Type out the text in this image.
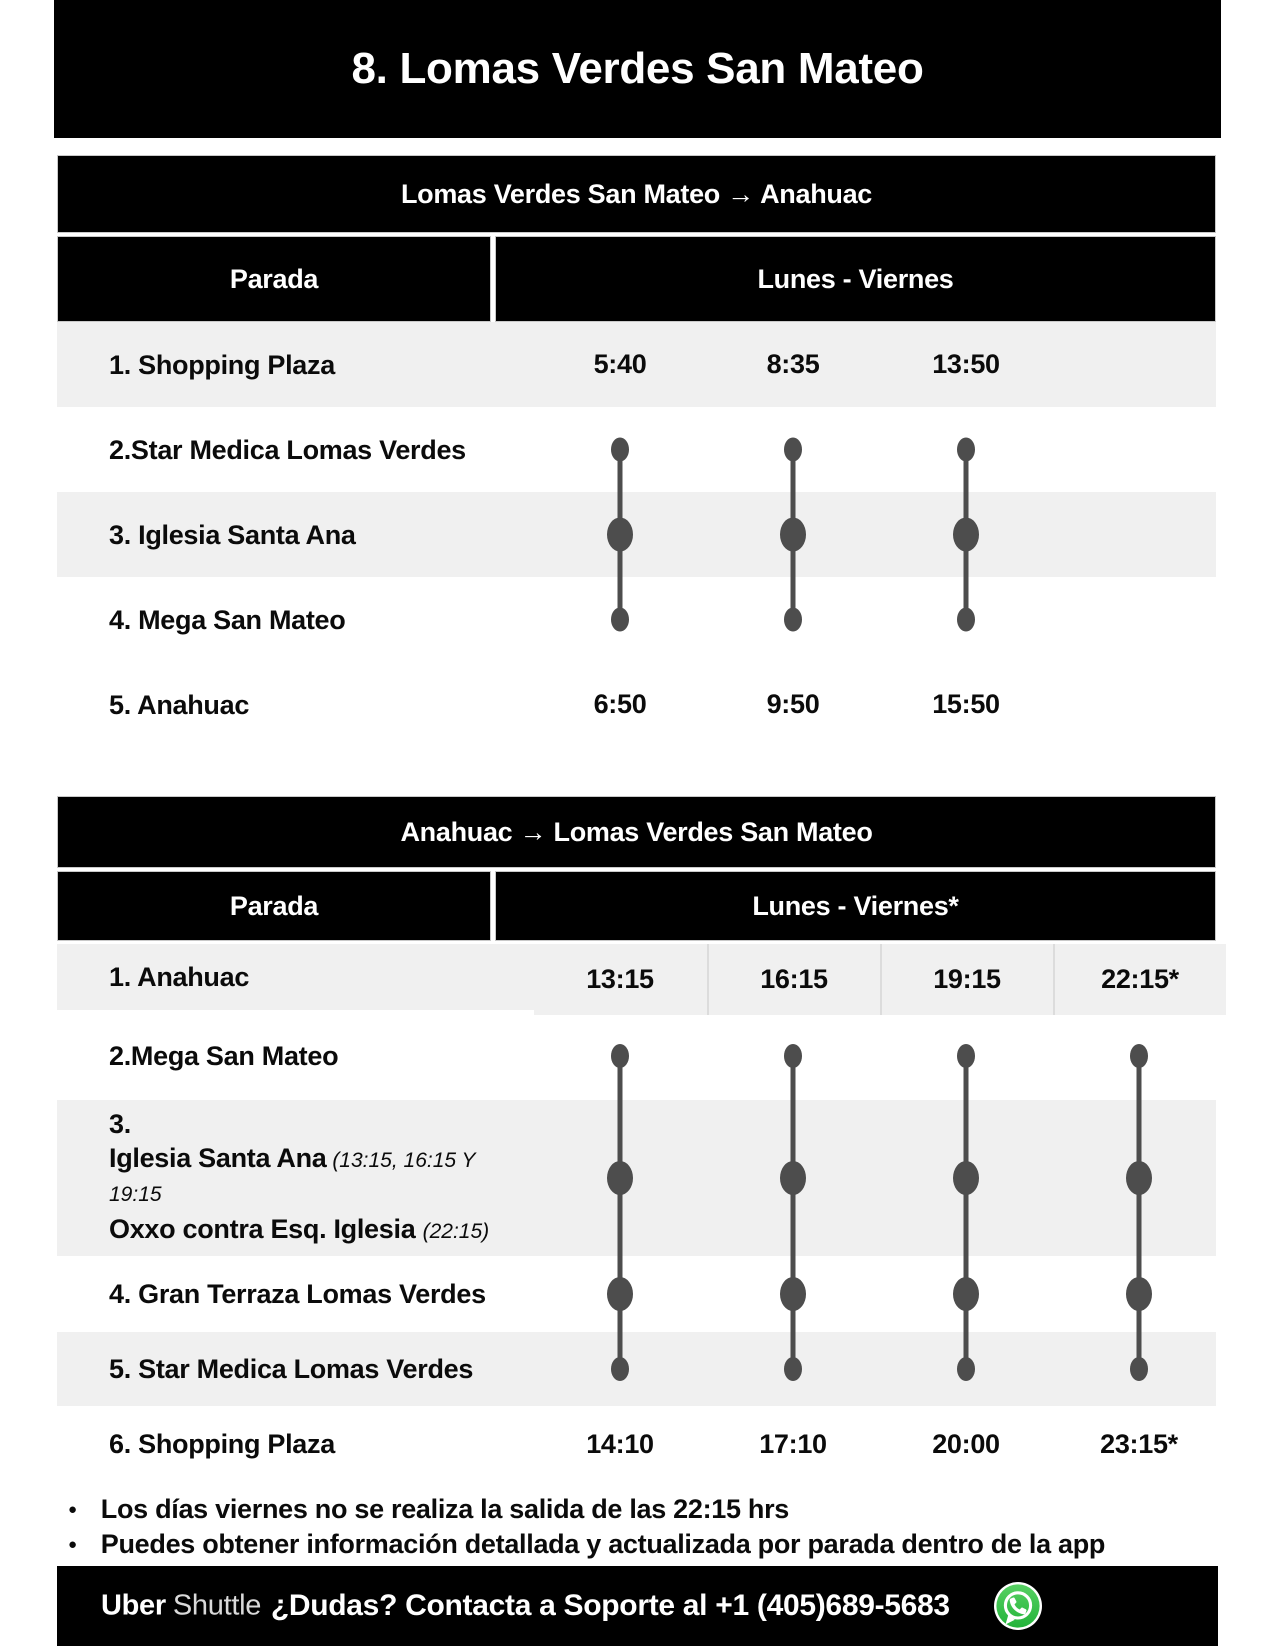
8. Lomas Verdes San Mateo
Lomas Verdes San Mateo → Anahuac
Parada	Lunes - Viernes
1. Shopping Plaza	5:40	8:35	13:50
2.Star Medica Lomas Verdes
3. Iglesia Santa Ana
4. Mega San Mateo
5. Anahuac	6:50	9:50	15:50
Anahuac → Lomas Verdes San Mateo
Parada	Lunes - Viernes*
1. Anahuac	13:15	16:15	19:15	22:15*
2.Mega San Mateo
3.
Iglesia Santa Ana (13:15, 16:15 Y
19:15
Oxxo contra Esq. Iglesia (22:15)
4. Gran Terraza Lomas Verdes
5. Star Medica Lomas Verdes
6. Shopping Plaza	14:10	17:10	20:00	23:15*
● Los días viernes no se realiza la salida de las 22:15 hrs
● Puedes obtener información detallada y actualizada por parada dentro de la app
Uber Shuttle ¿Dudas? Contacta a Soporte al +1 (405)689-5683
